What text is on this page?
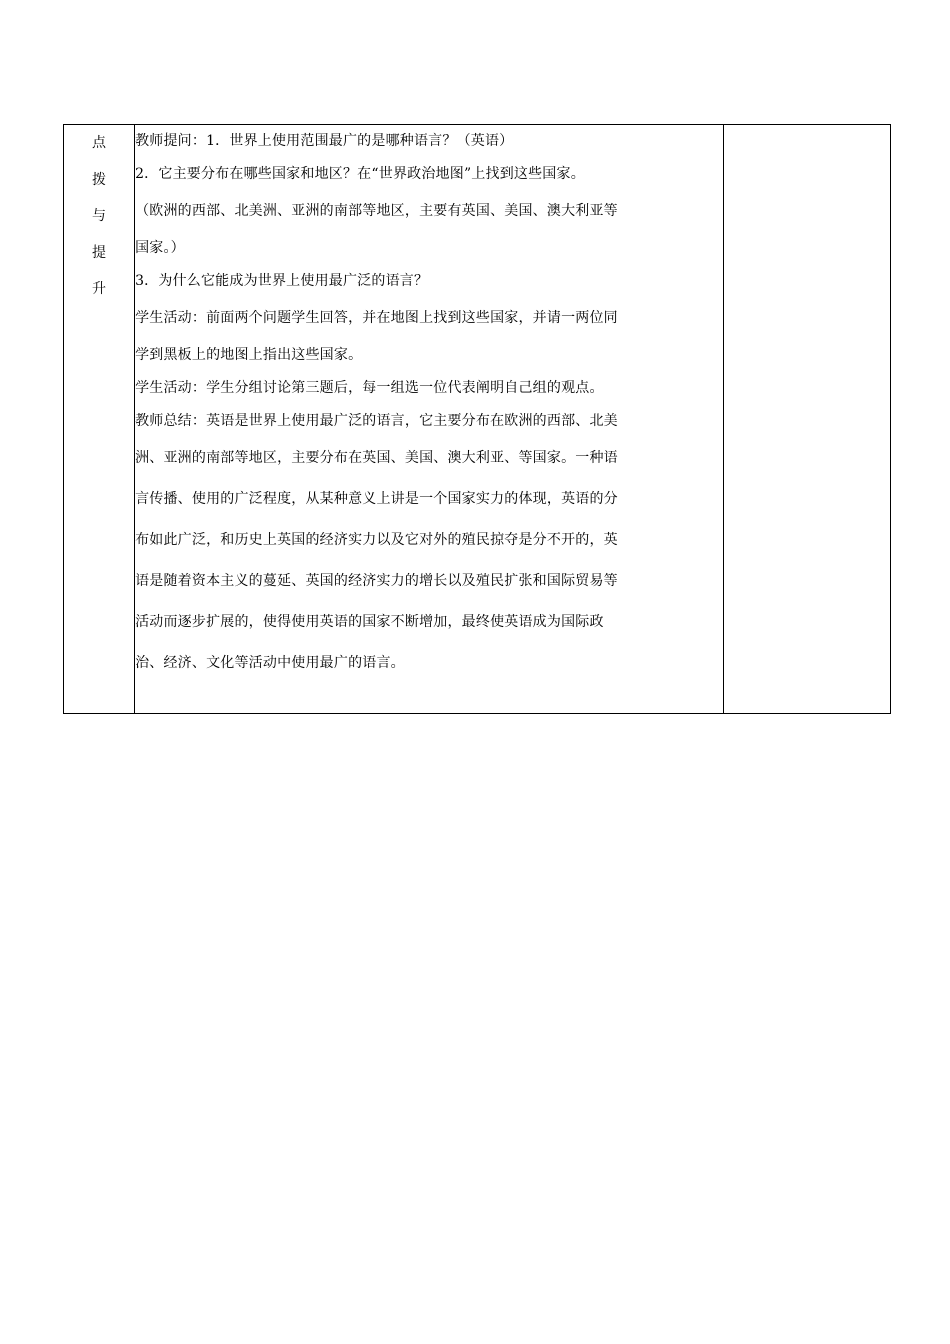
点
拨
与
提
升

教师提问：1．世界上使用范围最广的是哪种语言？（英语）

2．它主要分布在哪些国家和地区？在“世界政治地图”上找到这些国家。

（欧洲的西部、北美洲、亚洲的南部等地区，主要有英国、美国、澳大利亚等

国家。）

3．为什么它能成为世界上使用最广泛的语言？

学生活动：前面两个问题学生回答，并在地图上找到这些国家，并请一两位同

学到黑板上的地图上指出这些国家。

学生活动：学生分组讨论第三题后，每一组选一位代表阐明自己组的观点。

教师总结：英语是世界上使用最广泛的语言，它主要分布在欧洲的西部、北美

洲、亚洲的南部等地区，主要分布在英国、美国、澳大利亚、等国家。一种语

言传播、使用的广泛程度，从某种意义上讲是一个国家实力的体现，英语的分

布如此广泛，和历史上英国的经济实力以及它对外的殖民掠夺是分不开的，英

语是随着资本主义的蔓延、英国的经济实力的增长以及殖民扩张和国际贸易等

活动而逐步扩展的，使得使用英语的国家不断增加，最终使英语成为国际政

治、经济、文化等活动中使用最广的语言。
